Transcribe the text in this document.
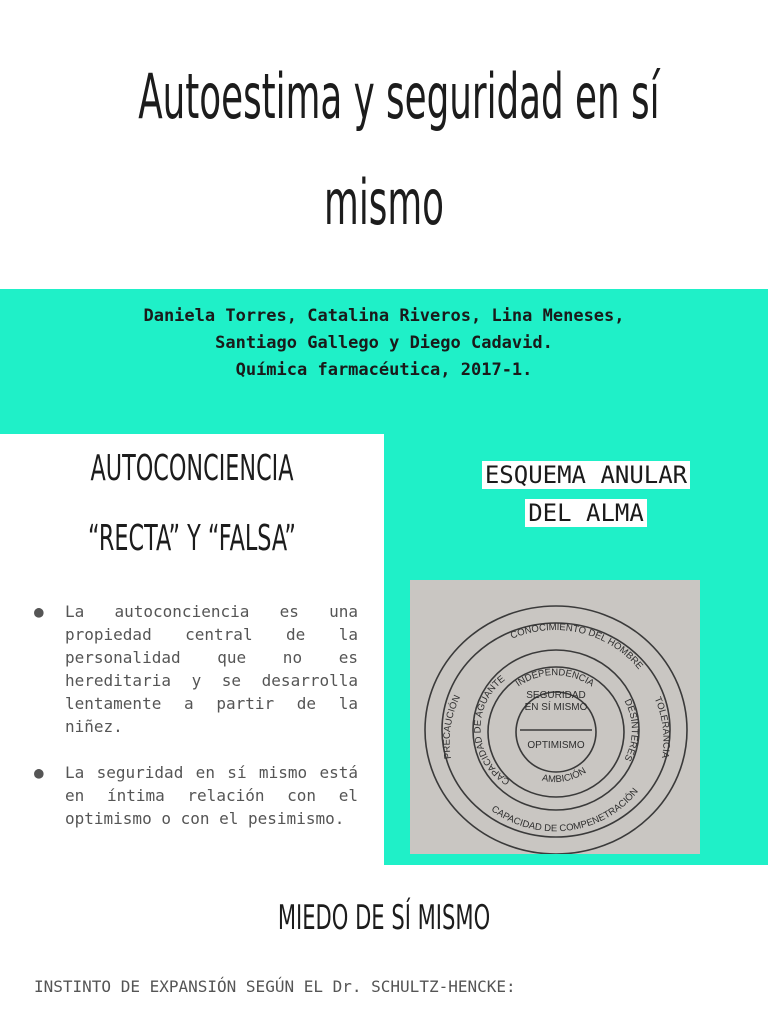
Autoestima y seguridad en sí
mismo
Daniela Torres, Catalina Riveros, Lina Meneses,
Santiago Gallego y Diego Cadavid.
Química farmacéutica, 2017-1.
AUTOCONCIENCIA
“RECTA” Y “FALSA”
● La autoconciencia es una propiedad central de la personalidad que no es hereditaria y se desarrolla lentamente a partir de la niñez.
● La seguridad en sí mismo está en íntima relación con el optimismo o con el pesimismo.
ESQUEMA ANULAR
DEL ALMA
SEGURIDAD
EN SÍ MISMO
OPTIMISMO
INDEPENDENCIA
AMBICIÓN
CAPACIDAD DE AGUANTE
DESINTERÉS
CONOCIMIENTO DEL HOMBRE
CAPACIDAD DE COMPENETRACIÓN
PRECAUCIÓN	TOLERANCIA
MIEDO DE SÍ MISMO
INSTINTO DE EXPANSIÓN SEGÚN EL Dr. SCHULTZ-HENCKE:
